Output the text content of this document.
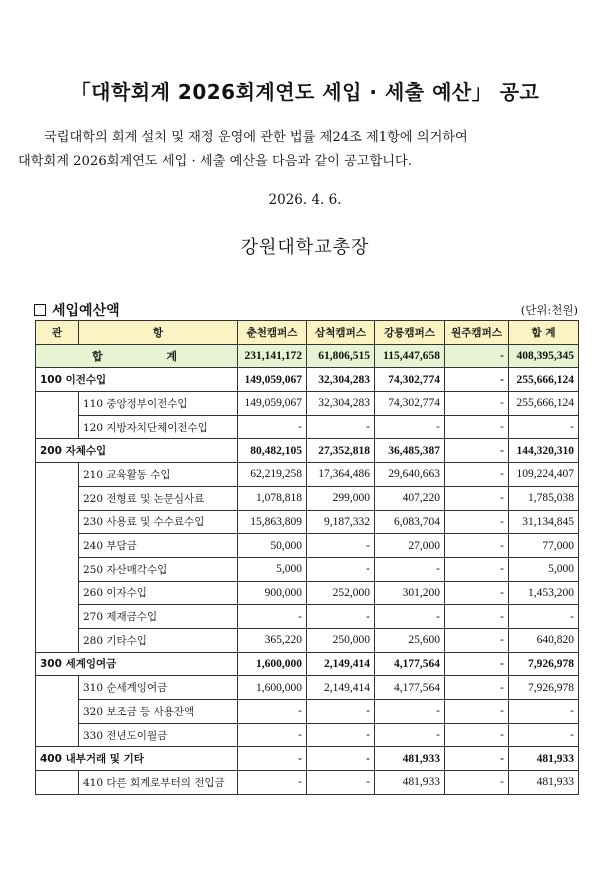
「대학회계 2026회계연도 세입 · 세출 예산」 공고
국립대학의 회계 설치 및 재정 운영에 관한 법률 제24조 제1항에 의거하여
대학회계 2026회계연도 세입 · 세출 예산을 다음과 같이 공고합니다.
2026. 4. 6.
강원대학교총장
세입예산액	(단위:천원)
관	항	춘천캠퍼스	삼척캠퍼스	강릉캠퍼스	원주캠퍼스	합 계
합 계		231,141,172	61,806,515	115,447,658	-	408,395,345
100 이전수입		149,059,067	32,304,283	74,302,774	-	255,666,124
	110 중앙정부이전수입	149,059,067	32,304,283	74,302,774	-	255,666,124
	120 지방자치단체이전수입	-	-	-	-	-
200 자체수입		80,482,105	27,352,818	36,485,387	-	144,320,310
	210 교육활동 수입	62,219,258	17,364,486	29,640,663	-	109,224,407
	220 전형료 및 논문심사료	1,078,818	299,000	407,220	-	1,785,038
	230 사용료 및 수수료수입	15,863,809	9,187,332	6,083,704	-	31,134,845
	240 부담금	50,000	-	27,000	-	77,000
	250 자산매각수입	5,000	-	-	-	5,000
	260 이자수입	900,000	252,000	301,200	-	1,453,200
	270 제재금수입	-	-	-	-	-
	280 기타수입	365,220	250,000	25,600	-	640,820
300 세계잉여금		1,600,000	2,149,414	4,177,564	-	7,926,978
	310 순세계잉여금	1,600,000	2,149,414	4,177,564	-	7,926,978
	320 보조금 등 사용잔액	-	-	-	-	-
	330 전년도이월금	-	-	-	-	-
400 내부거래 및 기타		-	-	481,933	-	481,933
	410 다른 회계로부터의 전입금	-	-	481,933	-	481,933
